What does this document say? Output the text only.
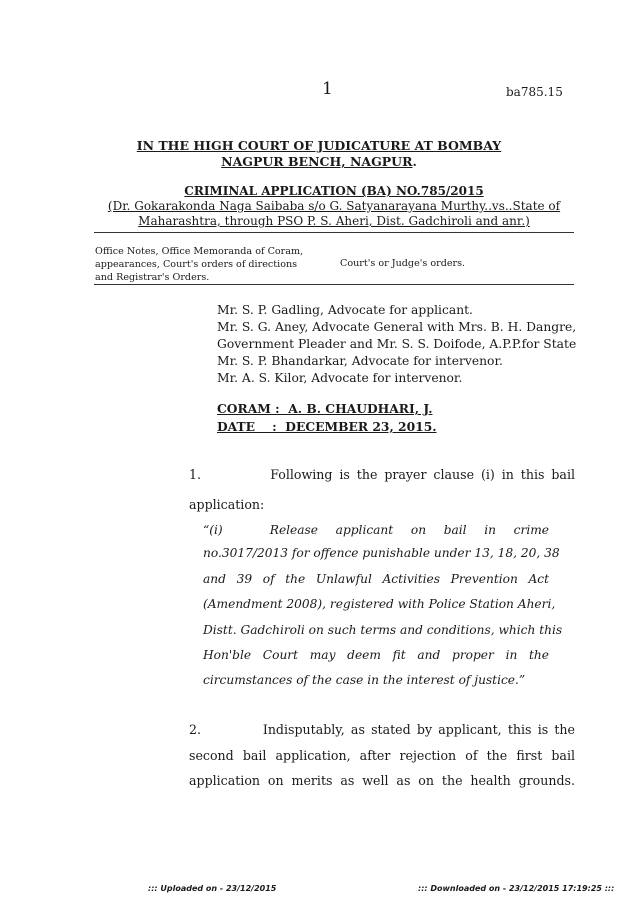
1	ba785.15
IN THE HIGH COURT OF JUDICATURE AT BOMBAY
NAGPUR BENCH, NAGPUR.
CRIMINAL APPLICATION (BA) NO.785/2015
(Dr. Gokarakonda Naga Saibaba s/o G. Satyanarayana Murthy..vs..State of
Maharashtra, through PSO P. S. Aheri, Dist. Gadchiroli and anr.)
Office Notes, Office Memoranda of Coram,
appearances, Court's orders of directions
and Registrar's Orders.
Court's or Judge's orders.
Mr. S. P. Gadling, Advocate for applicant.
Mr. S. G. Aney, Advocate General with Mrs. B. H. Dangre,
Government Pleader and Mr. S. S. Doifode, A.P.P.for State
Mr. S. P. Bhandarkar, Advocate for intervenor.
Mr. A. S. Kilor, Advocate for intervenor.
CORAM :  A. B. CHAUDHARI, J.
DATE    :  DECEMBER 23, 2015.
1.          Following is the prayer clause (i) in this bail
application:
“(i)        Release   applicant   on   bail   in   crime
no.3017/2013 for offence punishable under 13, 18, 20, 38
and 39 of the Unlawful Activities Prevention Act
(Amendment 2008), registered with Police Station Aheri,
Distt. Gadchiroli on such terms and conditions, which this
Hon'ble Court may deem fit and proper in the
circumstances of the case in the interest of justice.”
2.          Indisputably, as stated by applicant, this is the
second bail application, after rejection of the first bail
application on merits as well as on the health grounds.
::: Uploaded on - 23/12/2015	::: Downloaded on - 23/12/2015 17:19:25 :::
